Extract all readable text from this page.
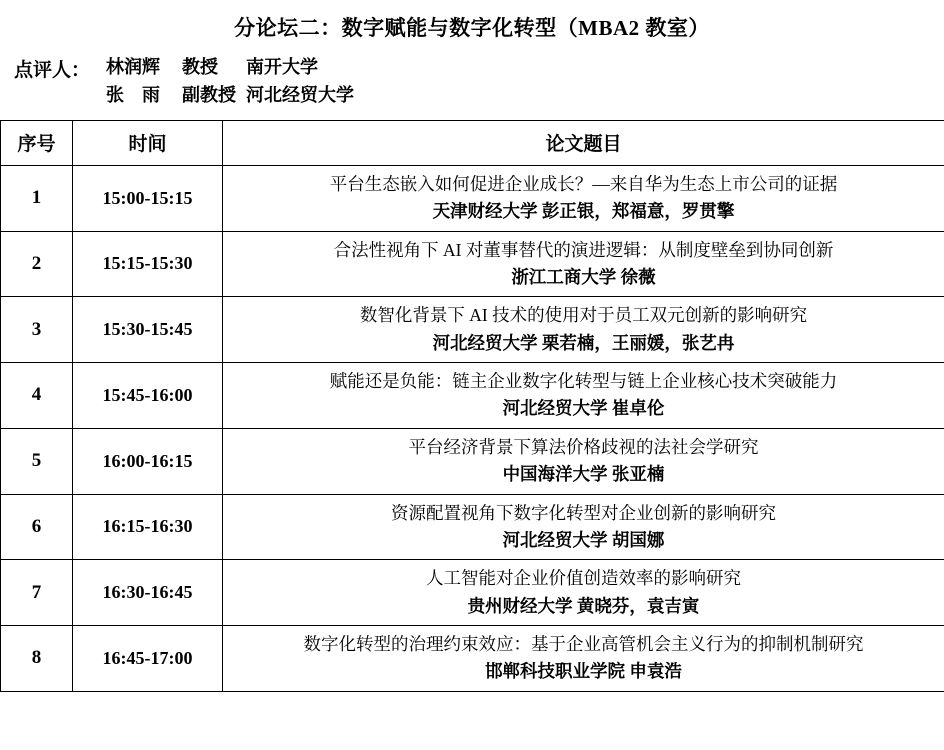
分论坛二：数字赋能与数字化转型（MBA2 教室）
点评人： 林润辉 教授 南开大学
张　雨 副教授 河北经贸大学
序号	时间	论文题目
1	15:00-15:15	平台生态嵌入如何促进企业成长？—来自华为生态上市公司的证据
天津财经大学 彭正银，郑福意，罗贯擎

2	15:15-15:30	合法性视角下 AI 对董事替代的演进逻辑：从制度壁垒到协同创新
浙江工商大学 徐薇

3	15:30-15:45	数智化背景下 AI 技术的使用对于员工双元创新的影响研究
河北经贸大学 栗若楠，王丽媛，张艺冉

4	15:45-16:00	赋能还是负能：链主企业数字化转型与链上企业核心技术突破能力
河北经贸大学 崔卓伦

5	16:00-16:15	平台经济背景下算法价格歧视的法社会学研究
中国海洋大学 张亚楠

6	16:15-16:30	资源配置视角下数字化转型对企业创新的影响研究
河北经贸大学 胡国娜

7	16:30-16:45	人工智能对企业价值创造效率的影响研究
贵州财经大学 黄晓芬，袁吉寅

8	16:45-17:00	数字化转型的治理约束效应：基于企业高管机会主义行为的抑制机制研究
邯郸科技职业学院 申袁浩
